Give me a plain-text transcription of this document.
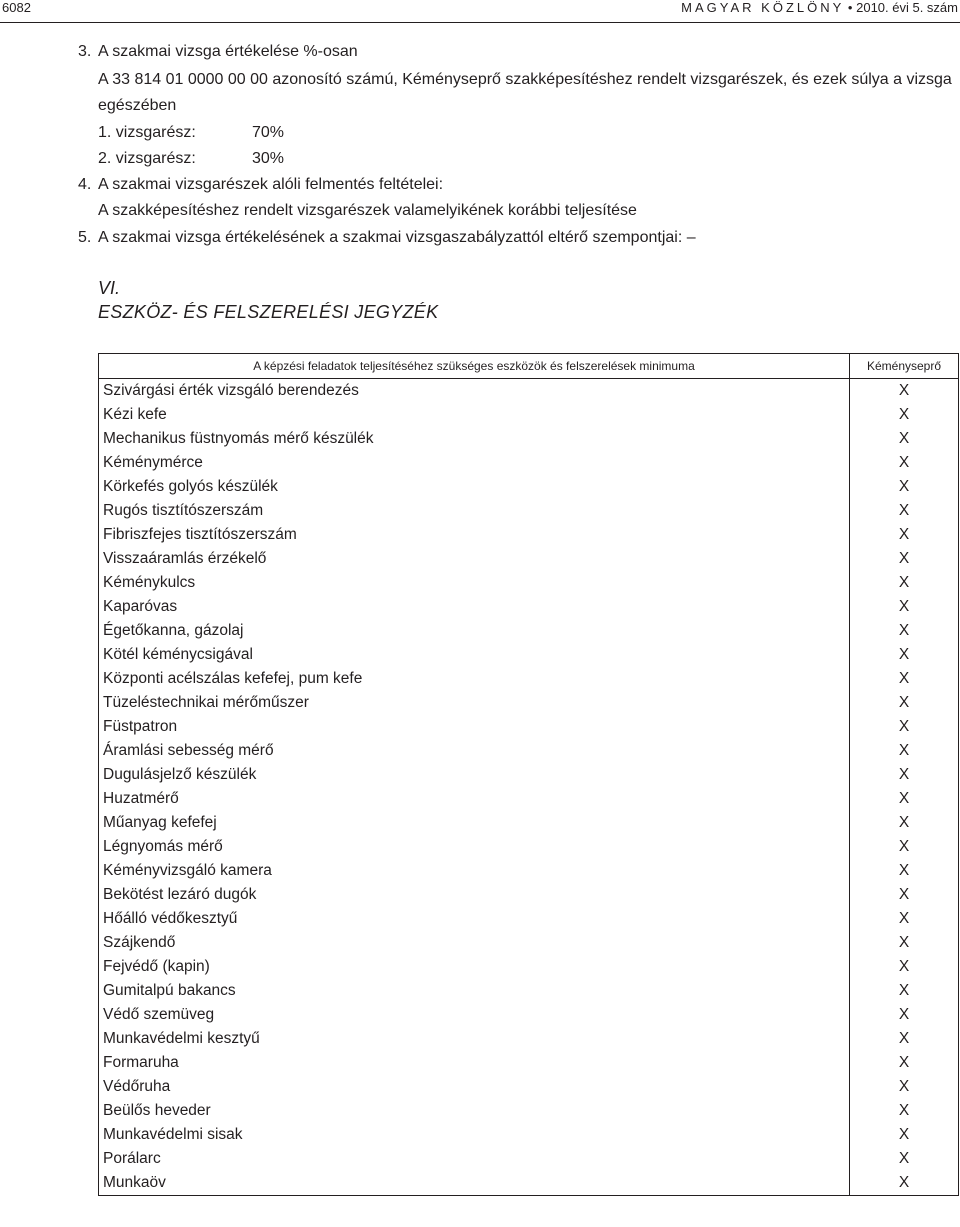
6082	MAGYAR KÖZLÖNY • 2010. évi 5. szám
3. A szakmai vizsga értékelése %-osan
A 33 814 01 0000 00 00 azonosító számú, Kéményseprő szakképesítéshez rendelt vizsgarészek, és ezek súlya a vizsga
egészében
1. vizsgarész:	70%
2. vizsgarész:	30%
4. A szakmai vizsgarészek alóli felmentés feltételei:
A szakképesítéshez rendelt vizsgarészek valamelyikének korábbi teljesítése
5. A szakmai vizsga értékelésének a szakmai vizsgaszabályzattól eltérő szempontjai: –
VI.
ESZKÖZ- ÉS FELSZERELÉSI JEGYZÉK
A képzési feladatok teljesítéséhez szükséges eszközök és felszerelések minimuma	Kéményseprő
Szivárgási érték vizsgáló berendezés	X
Kézi kefe	X
Mechanikus füstnyomás mérő készülék	X
Kéménymérce	X
Körkefés golyós készülék	X
Rugós tisztítószerszám	X
Fibriszfejes tisztítószerszám	X
Visszaáramlás érzékelő	X
Kéménykulcs	X
Kaparóvas	X
Égetőkanna, gázolaj	X
Kötél kéménycsigával	X
Központi acélszálas kefefej, pum kefe	X
Tüzeléstechnikai mérőműszer	X
Füstpatron	X
Áramlási sebesség mérő	X
Dugulásjelző készülék	X
Huzatmérő	X
Műanyag kefefej	X
Légnyomás mérő	X
Kéményvizsgáló kamera	X
Bekötést lezáró dugók	X
Hőálló védőkesztyű	X
Szájkendő	X
Fejvédő (kapin)	X
Gumitalpú bakancs	X
Védő szemüveg	X
Munkavédelmi kesztyű	X
Formaruha	X
Védőruha	X
Beülős heveder	X
Munkavédelmi sisak	X
Porálarc	X
Munkaöv	X
